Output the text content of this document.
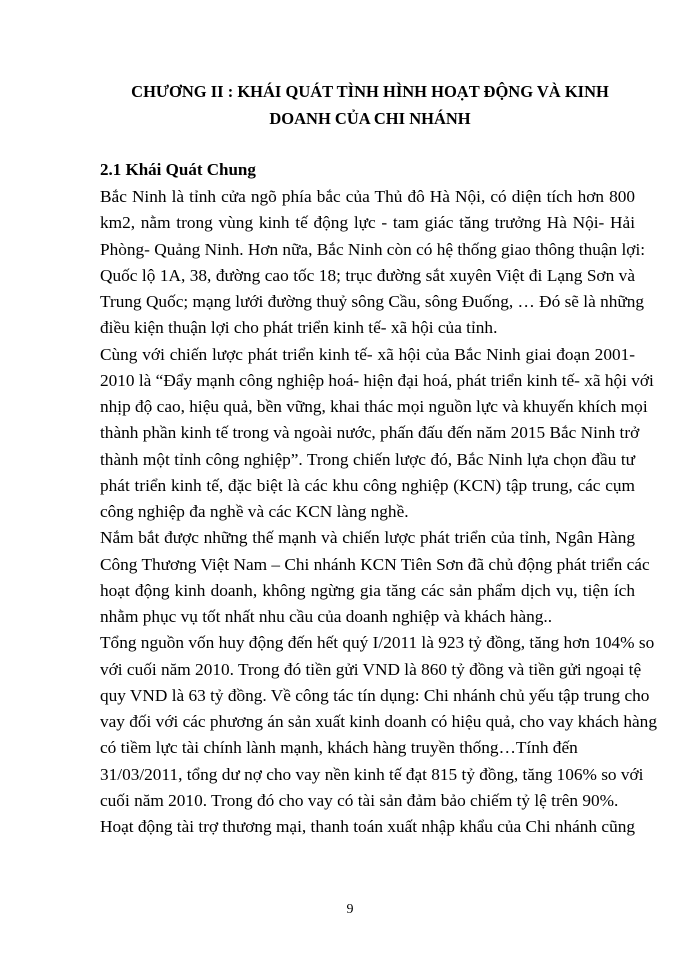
CHƯƠNG II : KHÁI QUÁT TÌNH HÌNH HOẠT ĐỘNG VÀ KINH
DOANH CỦA CHI NHÁNH
2.1 Khái Quát Chung
Bắc Ninh là tỉnh cửa ngõ phía bắc của Thủ đô Hà Nội, có diện tích hơn 800
km2, nằm trong vùng kinh tế động lực - tam giác tăng trưởng Hà Nội- Hải
Phòng- Quảng Ninh. Hơn nữa, Bắc Ninh còn có hệ thống giao thông thuận lợi:
Quốc lộ 1A, 38, đường cao tốc 18; trục đường sắt xuyên Việt đi Lạng Sơn và
Trung Quốc; mạng lưới đường thuỷ sông Cầu, sông Đuống, … Đó sẽ là những
điều kiện thuận lợi cho phát triển kinh tế- xã hội của tỉnh.
Cùng với chiến lược phát triển kinh tế- xã hội của Bắc Ninh giai đoạn 2001-
2010 là “Đẩy mạnh công nghiệp hoá- hiện đại hoá, phát triển kinh tế- xã hội với
nhịp độ cao, hiệu quả, bền vững, khai thác mọi nguồn lực và khuyến khích mọi
thành phần kinh tế trong và ngoài nước, phấn đấu đến năm 2015 Bắc Ninh trở
thành một tỉnh công nghiệp”. Trong chiến lược đó, Bắc Ninh lựa chọn đầu tư
phát triển kinh tế, đặc biệt là các khu công nghiệp (KCN) tập trung, các cụm
công nghiệp đa nghề và các KCN làng nghề.
Nắm bắt được những thế mạnh và chiến lược phát triển của tỉnh, Ngân Hàng
Công Thương Việt Nam – Chi nhánh KCN Tiên Sơn đã chủ động phát triển các
hoạt động kinh doanh, không ngừng gia tăng các sản phẩm dịch vụ, tiện ích
nhằm phục vụ tốt nhất nhu cầu của doanh nghiệp và khách hàng..
Tổng nguồn vốn huy động đến hết quý I/2011 là 923 tỷ đồng, tăng hơn 104% so
với cuối năm 2010. Trong đó tiền gửi VND là 860 tỷ đồng và tiền gửi ngoại tệ
quy VND là 63 tỷ đồng. Về công tác tín dụng: Chi nhánh chủ yếu tập trung cho
vay đối với các phương án sản xuất kinh doanh có hiệu quả, cho vay khách hàng
có tiềm lực tài chính lành mạnh, khách hàng truyền thống…Tính đến
31/03/2011, tổng dư nợ cho vay nền kinh tế đạt 815 tỷ đồng, tăng 106% so với
cuối năm 2010. Trong đó cho vay có tài sản đảm bảo chiếm tỷ lệ trên 90%.
Hoạt động tài trợ thương mại, thanh toán xuất nhập khẩu của Chi nhánh cũng
9
